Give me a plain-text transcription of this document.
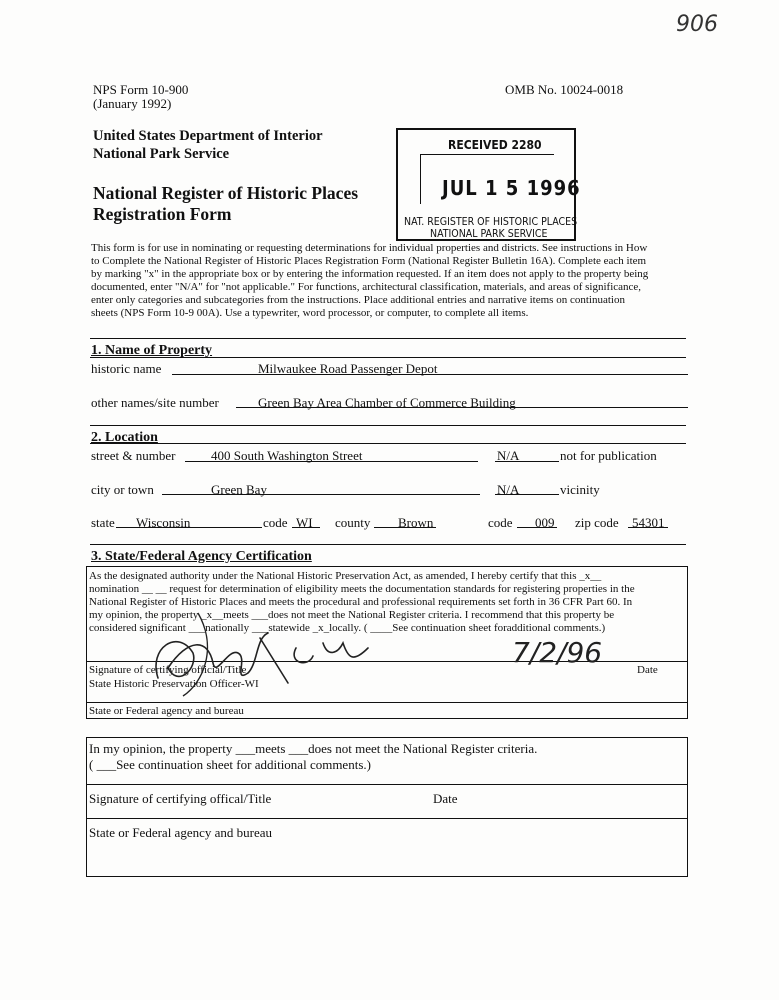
906
NPS Form 10-900
(January 1992)
OMB No. 10024-0018
United States Department of Interior
National Park Service
National Register of Historic Places
Registration Form
RECEIVED 2280
JUL 1 5 1996
NAT. REGISTER OF HISTORIC PLACES
NATIONAL PARK SERVICE
This form is for use in nominating or requesting determinations for individual properties and districts. See instructions in How
to Complete the National Register of Historic Places Registration Form (National Register Bulletin 16A). Complete each item
by marking "x" in the appropriate box or by entering the information requested. If an item does not apply to the property being
documented, enter "N/A" for "not applicable." For functions, architectural classification, materials, and areas of significance,
enter only categories and subcategories from the instructions. Place additional entries and narrative items on continuation
sheets (NPS Form 10-9 00A). Use a typewriter, word processor, or computer, to complete all items.
1. Name of Property
historic name	Milwaukee Road Passenger Depot
other names/site number	Green Bay Area Chamber of Commerce Building
2. Location
street & number	400 South Washington Street	N/A	not for publication
city or town	Green Bay	N/A	vicinity
state Wisconsin	code WI county Brown	code 009 zip code 54301
3. State/Federal Agency Certification
As the designated authority under the National Historic Preservation Act, as amended, I hereby certify that this _x__
nomination __ __ request for determination of eligibility meets the documentation standards for registering properties in the
National Register of Historic Places and meets the procedural and professional requirements set forth in 36 CFR Part 60. In
my opinion, the property _x__meets ___does not meet the National Register criteria. I recommend that this property be
considered significant ___nationally ___statewide _x_locally. ( ____See continuation sheet foradditional comments.)
Signature of certifying official/Title	Date
State Historic Preservation Officer-WI
7/2/96
State or Federal agency and bureau
In my opinion, the property ___meets ___does not meet the National Register criteria.
( ___See continuation sheet for additional comments.)
Signature of certifying offical/Title	Date
State or Federal agency and bureau
